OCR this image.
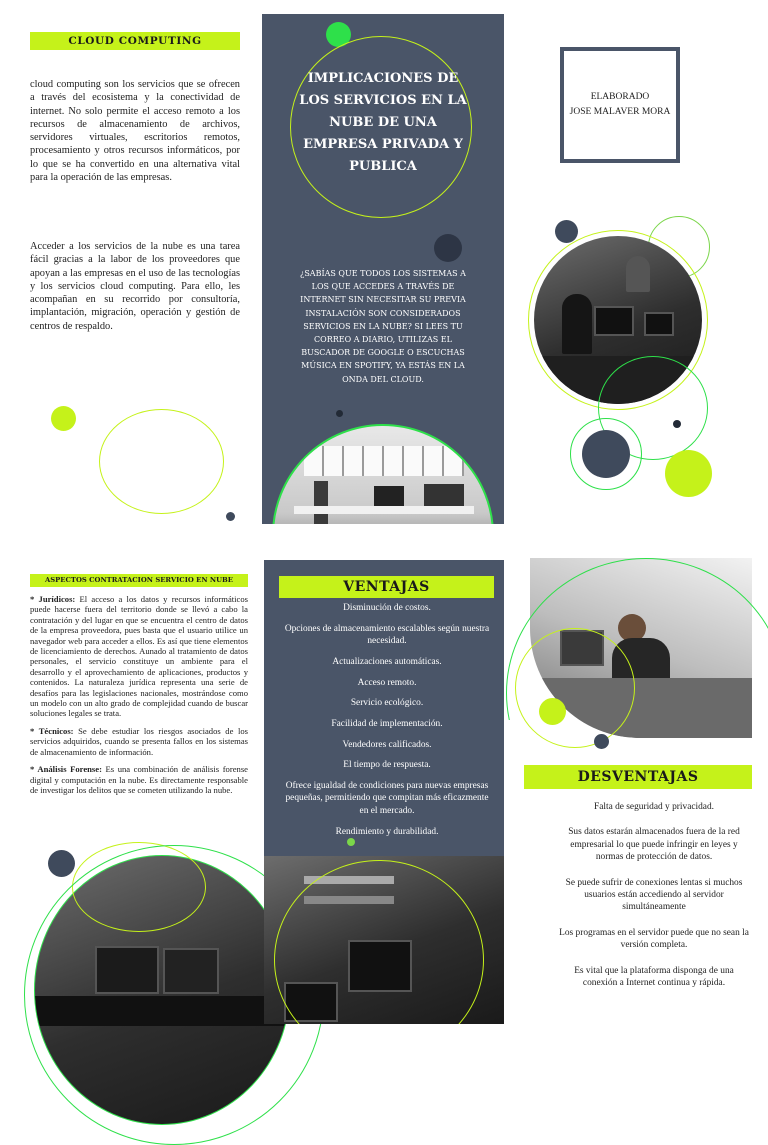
CLOUD COMPUTING
cloud computing son los servicios que se ofrecen a través del ecosistema y la conectividad de internet. No solo permite el acceso remoto a los recursos de almacenamiento de archivos, servidores virtuales, escritorios remotos, procesamiento y otros recursos informáticos, por lo que se ha convertido en una alternativa vital para la operación de las empresas.
Acceder a los servicios de la nube es una tarea fácil gracias a la labor de los proveedores que apoyan a las empresas en el uso de las tecnologías y los servicios cloud computing. Para ello, les acompañan en su recorrido por consultoría, implantación, migración, operación y gestión de centros de respaldo.
IMPLICACIONES DE LOS SERVICIOS EN LA NUBE DE UNA EMPRESA PRIVADA Y PUBLICA
¿SABÍAS QUE TODOS LOS SISTEMAS A LOS QUE ACCEDES A TRAVÉS DE INTERNET SIN NECESITAR SU PREVIA INSTALACIÓN SON CONSIDERADOS SERVICIOS EN LA NUBE? SI LEES TU CORREO A DIARIO, UTILIZAS EL BUSCADOR DE GOOGLE O ESCUCHAS MÚSICA EN SPOTIFY, YA ESTÁS EN LA ONDA DEL CLOUD.
ELABORADO
JOSE MALAVER MORA
ASPECTOS CONTRATACION SERVICIO EN NUBE

* Jurídicos: El acceso a los datos y recursos informáticos puede hacerse fuera del territorio donde se llevó a cabo la contratación y del lugar en que se encuentra el centro de datos de la empresa proveedora, pues basta que el usuario utilice un navegador web para acceder a ellos. Es así que tiene elementos de licenciamiento de derechos. Aunado al tratamiento de datos personales, el servicio constituye un ambiente para el desarrollo y el aprovechamiento de aplicaciones, productos y contenidos. La naturaleza jurídica representa una serie de desafíos para las legislaciones nacionales, mostrándose como un modelo con un alto grado de complejidad cuando de buscar soluciones legales se trata.

* Técnicos: Se debe estudiar los riesgos asociados de los servicios adquiridos, cuando se presenta fallos en los sistemas de almacenamiento de información.

* Análisis Forense: Es una combinación de análisis forense digital y computación en la nube. Es directamente responsable de investigar los delitos que se cometen utilizando la nube.

VENTAJAS

Disminución de costos.

Opciones de almacenamiento escalables según nuestra necesidad.

Actualizaciones automáticas.

Acceso remoto.

Servicio ecológico.

Facilidad de implementación.

Vendedores calificados.

El tiempo de respuesta.

Ofrece igualdad de condiciones para nuevas empresas pequeñas, permitiendo que compitan más eficazmente en el mercado.

Rendimiento y durabilidad.

DESVENTAJAS

Falta de seguridad y privacidad.

Sus datos estarán almacenados fuera de la red empresarial lo que puede infringir en leyes y normas de protección de datos.

Se puede sufrir de conexiones lentas si muchos usuarios están accediendo al servidor simultáneamente

Los programas en el servidor puede que no sean la versión completa.

Es vital que la plataforma disponga de una conexión a Internet continua y rápida.
